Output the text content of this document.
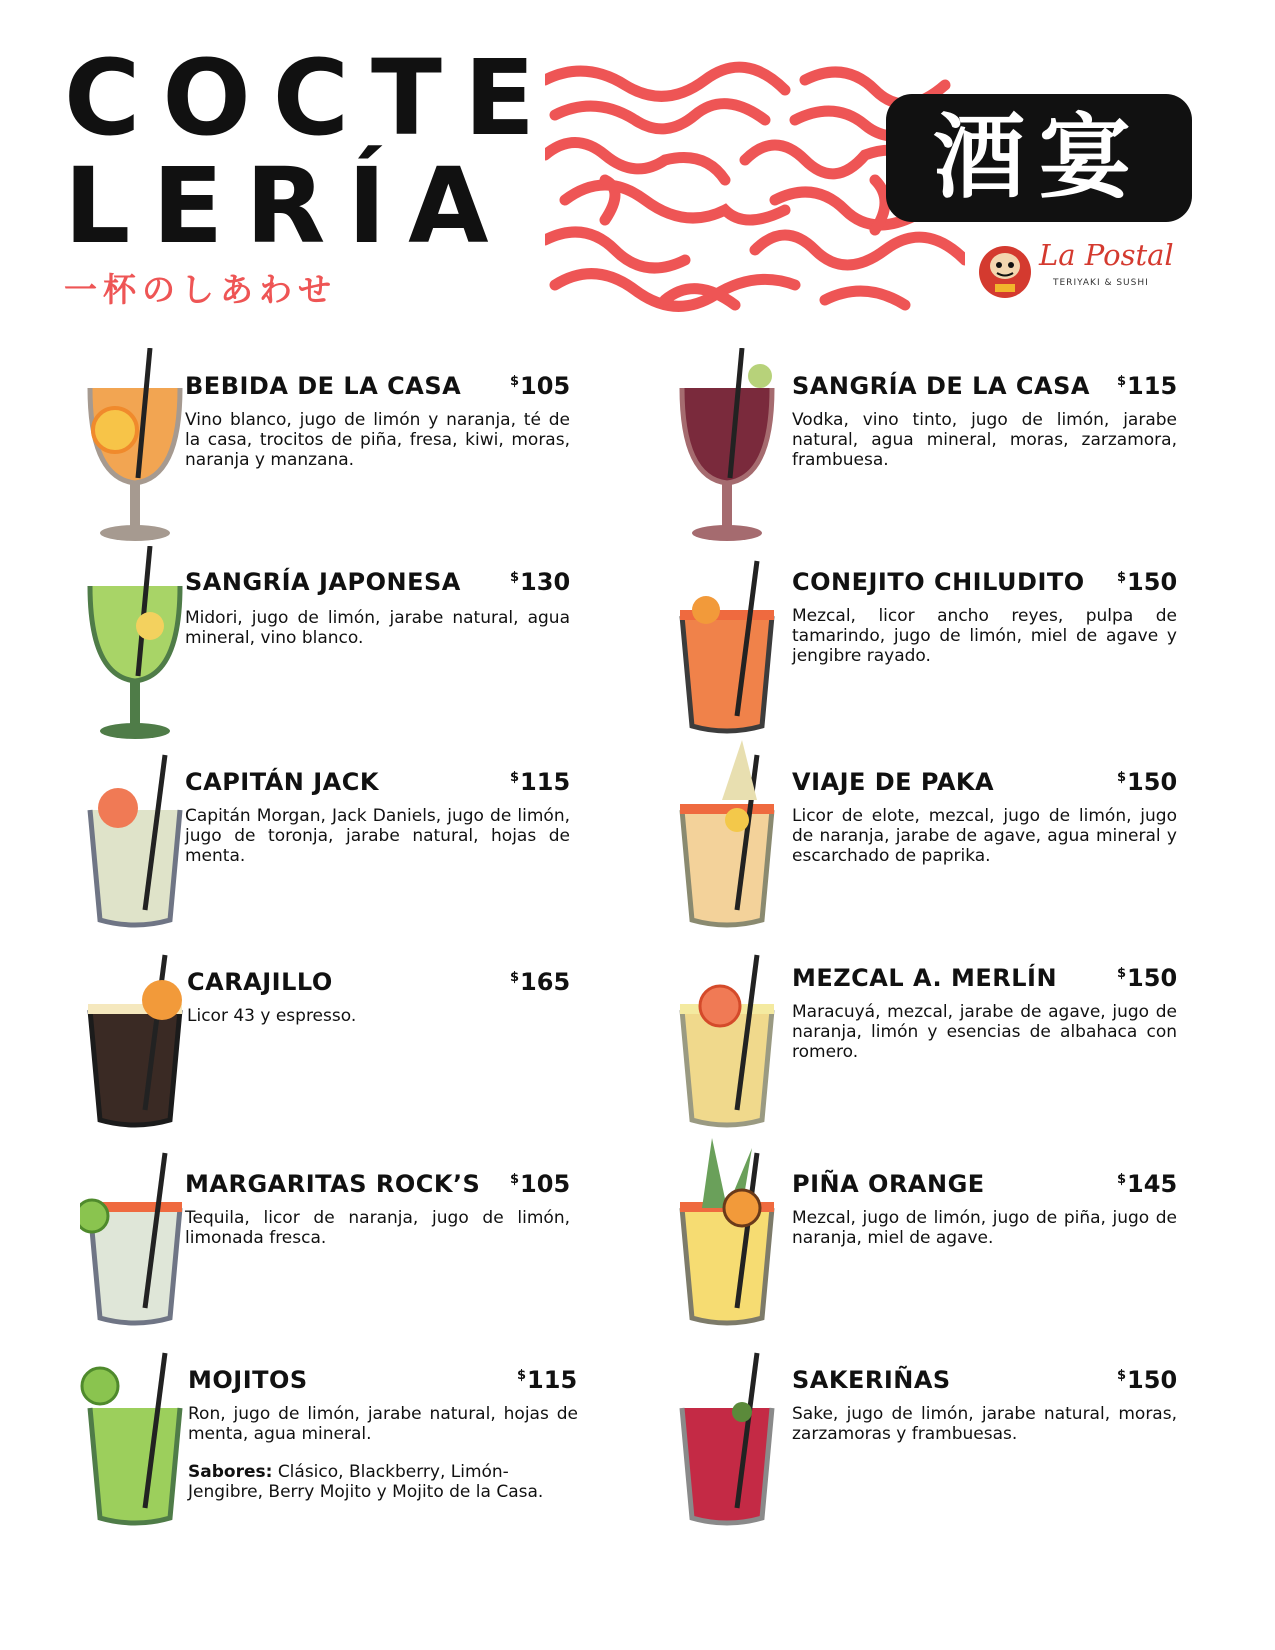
COCTE
LERÍA
一杯のしあわせ
酒宴
La Postal
TERIYAKI & SUSHI
BEBIDA DE LA CASA	$105
Vino blanco, jugo de limón y naranja, té de la casa, trocitos de piña, fresa, kiwi, moras, naranja y manzana.
SANGRÍA JAPONESA	$130
Midori, jugo de limón, jarabe natural, agua mineral, vino blanco.
CAPITÁN JACK	$115
Capitán Morgan, Jack Daniels, jugo de limón, jugo de toronja, jarabe natural, hojas de menta.
CARAJILLO	$165
Licor 43 y espresso.
MARGARITAS ROCK’S $105
Tequila, licor de naranja, jugo de limón, limonada fresca.
MOJITOS	$115
Ron, jugo de limón, jarabe natural, hojas de menta, agua mineral.
Sabores: Clásico, Blackberry, Limón-Jengibre, Berry Mojito y Mojito de la Casa.
SANGRÍA DE LA CASA $115
Vodka, vino tinto, jugo de limón, jarabe natural, agua mineral, moras, zarzamora, frambuesa.
CONEJITO CHILUDITO $150
Mezcal, licor ancho reyes, pulpa de tamarindo, jugo de limón, miel de agave y jengibre rayado.
VIAJE DE PAKA	$150
Licor de elote, mezcal, jugo de limón, jugo de naranja, jarabe de agave, agua mineral y escarchado de paprika.
MEZCAL A. MERLÍN	$150
Maracuyá, mezcal, jarabe de agave, jugo de naranja, limón y esencias de albahaca con romero.
PIÑA ORANGE	$145
Mezcal, jugo de limón, jugo de piña, jugo de naranja, miel de agave.
SAKERIÑAS	$150
Sake, jugo de limón, jarabe natural, moras, zarzamoras y frambuesas.
